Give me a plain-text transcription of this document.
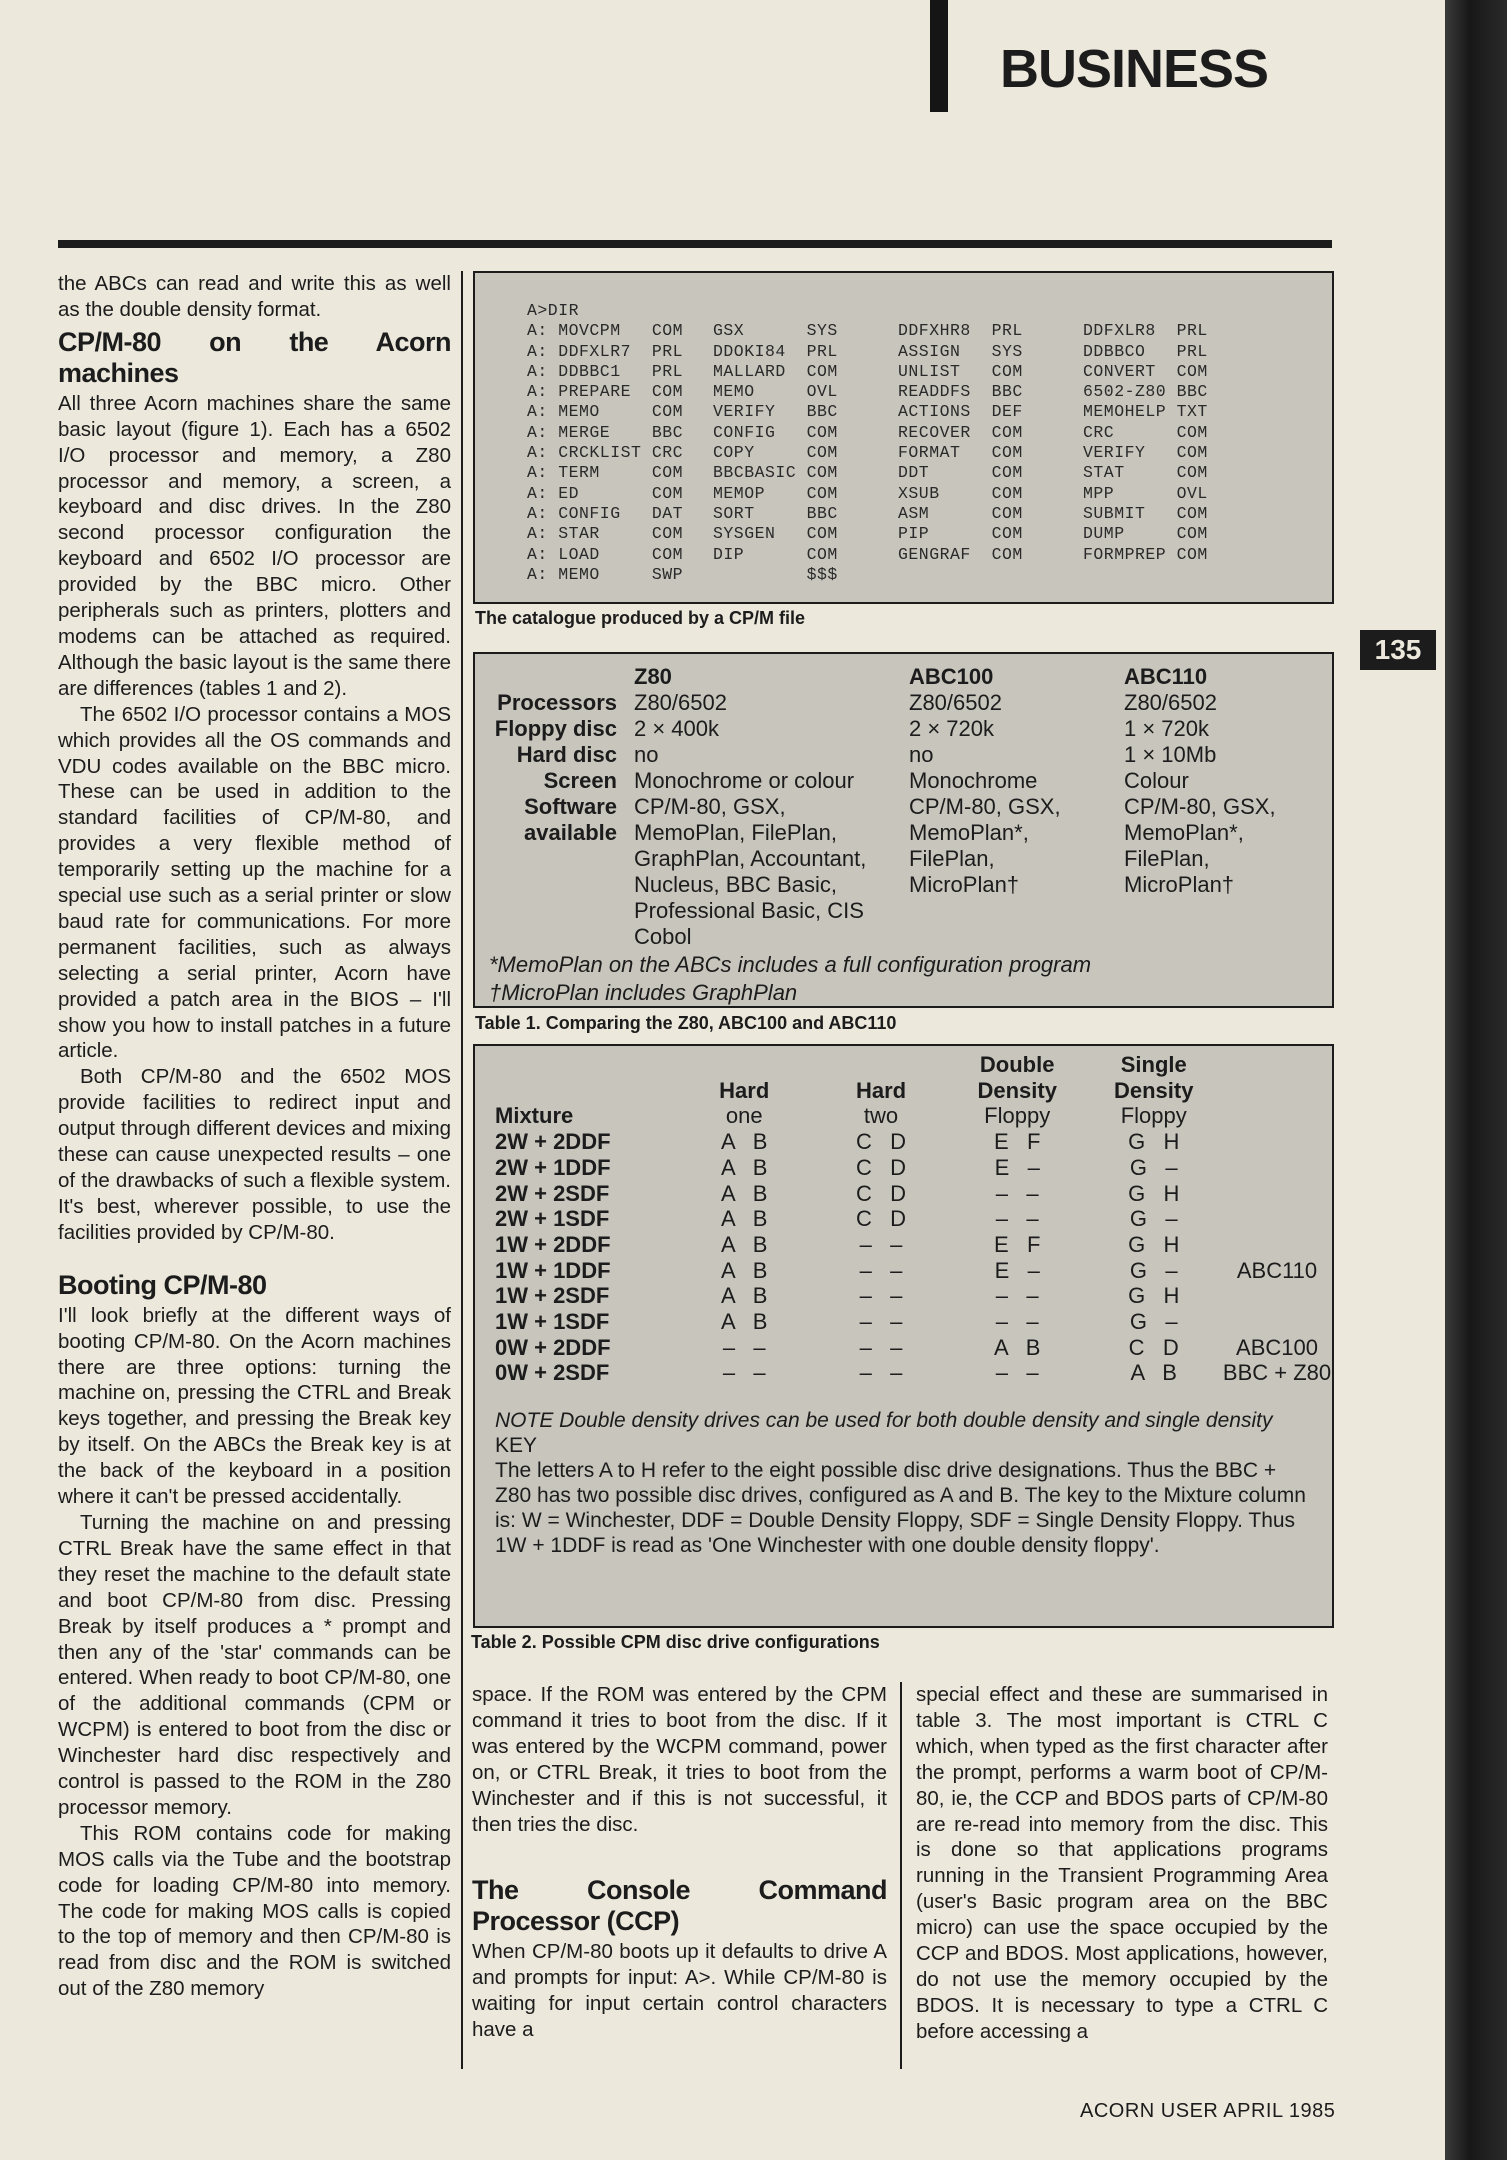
BUSINESS
135
ACORN USER APRIL 1985

the ABCs can read and write this as well as the double density format.

CP/M-80 on the Acorn machines

All three Acorn machines share the same basic layout (figure 1). Each has a 6502 I/O processor and memory, a Z80 processor and memory, a screen, a keyboard and disc drives. In the Z80 second processor configuration the keyboard and 6502 I/O processor are provided by the BBC micro. Other peripherals such as printers, plotters and modems can be attached as required. Although the basic layout is the same there are differences (tables 1 and 2).

The 6502 I/O processor contains a MOS which provides all the OS commands and VDU codes available on the BBC micro. These can be used in addition to the standard facilities of CP/M-80, and provides a very flexible method of temporarily setting up the machine for a special use such as a serial printer or slow baud rate for communications. For more permanent facilities, such as always selecting a serial printer, Acorn have provided a patch area in the BIOS – I'll show you how to install patches in a future article.

Both CP/M-80 and the 6502 MOS provide facilities to redirect input and output through different devices and mixing these can cause unexpected results – one of the drawbacks of such a flexible system. It's best, wherever possible, to use the facilities provided by CP/M-80.

Booting CP/M-80

I'll look briefly at the different ways of booting CP/M-80. On the Acorn machines there are three options: turning the machine on, pressing the CTRL and Break keys together, and pressing the Break key by itself. On the ABCs the Break key is at the back of the keyboard in a position where it can't be pressed accidentally.

Turning the machine on and pressing CTRL Break have the same effect in that they reset the machine to the default state and boot CP/M-80 from disc. Pressing Break by itself produces a * prompt and then any of the 'star' commands can be entered. When ready to boot CP/M-80, one of the additional commands (CPM or WCPM) is entered to boot from the disc or Winchester hard disc respectively and control is passed to the ROM in the Z80 processor memory.

This ROM contains code for making MOS calls via the Tube and the bootstrap code for loading CP/M-80 into memory. The code for making MOS calls is copied to the top of memory and then CP/M-80 is read from disc and the ROM is switched out of the Z80 memory

A>DIR
A: MOVCPM   COM	GSX      SYS	DDFXHR8  PRL	DDFXLR8  PRL
A: DDFXLR7  PRL	DDOKI84  PRL	ASSIGN   SYS	DDBBCO   PRL
A: DDBBC1   PRL	MALLARD  COM	UNLIST   COM	CONVERT  COM
A: PREPARE  COM	MEMO     OVL	READDFS  BBC	6502-Z80 BBC
A: MEMO     COM	VERIFY   BBC	ACTIONS  DEF	MEMOHELP TXT
A: MERGE    BBC	CONFIG   COM	RECOVER  COM	CRC      COM
A: CRCKLIST CRC	COPY     COM	FORMAT   COM	VERIFY   COM
A: TERM     COM	BBCBASIC COM	DDT      COM	STAT     COM
A: ED       COM	MEMOP    COM	XSUB     COM	MPP      OVL
A: CONFIG   DAT	SORT     BBC	ASM      COM	SUBMIT   COM
A: STAR     COM	SYSGEN   COM	PIP      COM	DUMP     COM
A: LOAD     COM	DIP      COM	GENGRAF  COM	FORMPREP COM
A: MEMO     SWP	$$$
The catalogue produced by a CP/M file
	Z80	ABC100	ABC110
Processors	Z80/6502	Z80/6502	Z80/6502
Floppy disc	2 × 400k	2 × 720k	1 × 720k
Hard disc	no	no	1 × 10Mb
Screen	Monochrome or colour	Monochrome	Colour
Software	CP/M-80, GSX,	CP/M-80, GSX,	CP/M-80, GSX,
available	MemoPlan, FilePlan,	MemoPlan*,	MemoPlan*,
	GraphPlan, Accountant,	FilePlan,	FilePlan,
	Nucleus, BBC Basic,	MicroPlan†	MicroPlan†
	Professional Basic, CIS		
	Cobol		
*MemoPlan on the ABCs includes a full configuration program
†MicroPlan includes GraphPlan
Table 1. Comparing the Z80, ABC100 and ABC110
			Double	Single	
	Hard	Hard	Density	Density	
Mixture	one	two	Floppy	Floppy	
2W + 2DDF	A   B	C   D	E   F	G   H	
2W + 1DDF	A   B	C   D	E   –	G   –	
2W + 2SDF	A   B	C   D	–   –	G   H	
2W + 1SDF	A   B	C   D	–   –	G   –	
1W + 2DDF	A   B	–   –	E   F	G   H	
1W + 1DDF	A   B	–   –	E   –	G   –	ABC110
1W + 2SDF	A   B	–   –	–   –	G   H	
1W + 1SDF	A   B	–   –	–   –	G   –	
0W + 2DDF	–   –	–   –	A   B	C   D	ABC100
0W + 2SDF	–   –	–   –	–   –	A   B	BBC + Z80
NOTE Double density drives can be used for both double density and single density
KEY
The letters A to H refer to the eight possible disc drive designations. Thus the BBC + Z80 has two possible disc drives, configured as A and B. The key to the Mixture column is: W = Winchester, DDF = Double Density Floppy, SDF = Single Density Floppy. Thus 1W + 1DDF is read as 'One Winchester with one double density floppy'.
Table 2. Possible CPM disc drive configurations

space. If the ROM was entered by the CPM command it tries to boot from the disc. If it was entered by the WCPM command, power on, or CTRL Break, it tries to boot from the Winchester and if this is not successful, it then tries the disc.

The Console Command Processor (CCP)

When CP/M-80 boots up it defaults to drive A and prompts for input: A>. While CP/M-80 is waiting for input certain control characters have a

special effect and these are summarised in table 3. The most important is CTRL C which, when typed as the first character after the prompt, performs a warm boot of CP/M-80, ie, the CCP and BDOS parts of CP/M-80 are re-read into memory from the disc. This is done so that applications programs running in the Transient Programming Area (user's Basic program area on the BBC micro) can use the space occupied by the CCP and BDOS. Most applications, however, do not use the memory occupied by the BDOS. It is necessary to type a CTRL C before accessing a
